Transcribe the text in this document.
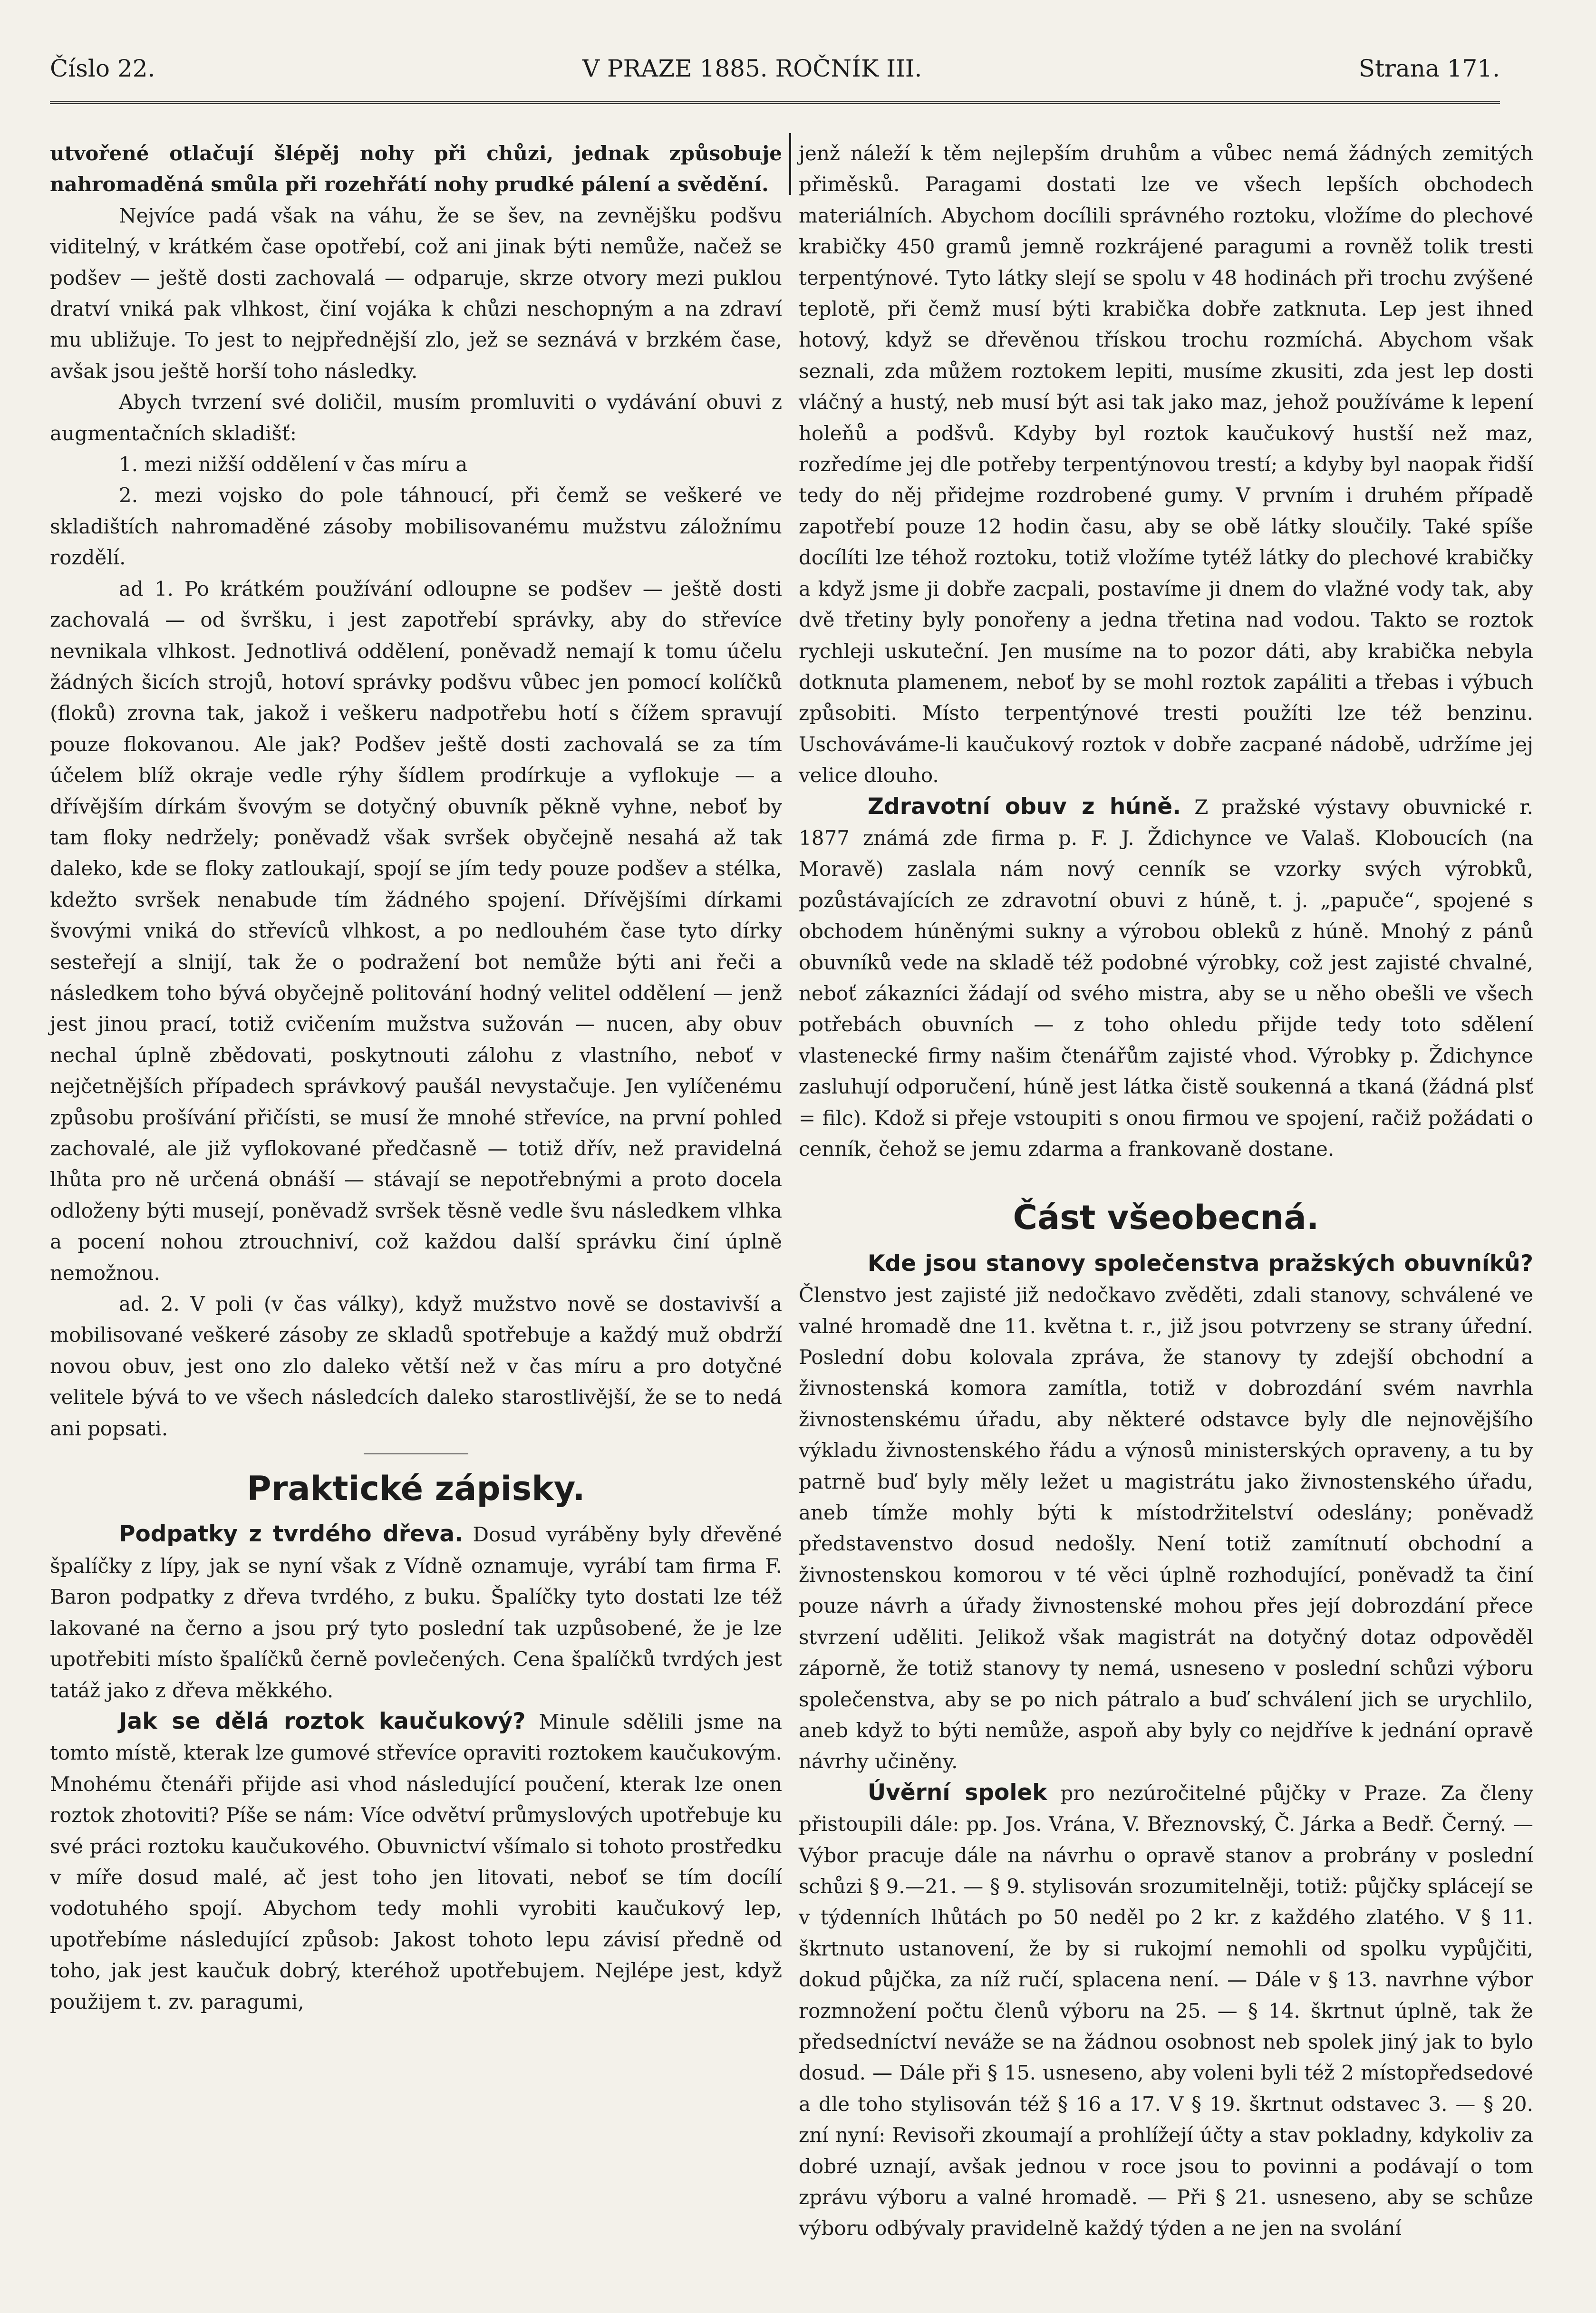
Číslo 22.	V PRAZE 1885. ROČNÍK III.	Strana 171.

utvořené otlačují šlépěj nohy při chůzi, jednak způsobuje nahromaděná smůla při rozehřátí nohy prudké pálení a svědění.

Nejvíce padá však na váhu, že se šev, na zevnějšku podšvu viditelný, v krátkém čase opotřebí, což ani jinak býti nemůže, načež se podšev — ještě dosti zachovalá — odparuje, skrze otvory mezi puklou dratví vniká pak vlhkost, činí vojáka k chůzi neschopným a na zdraví mu ubližuje. To jest to nejpřednější zlo, jež se seznává v brzkém čase, avšak jsou ještě horší toho následky.

Abych tvrzení své doličil, musím promluviti o vydávání obuvi z augmentačních skladišť:

1. mezi nižší oddělení v čas míru a

2. mezi vojsko do pole táhnoucí, při čemž se veškeré ve skladištích nahromaděné zásoby mobilisovanému mužstvu záložnímu rozdělí.

ad 1. Po krátkém používání odloupne se podšev — ještě dosti zachovalá — od švršku, i jest zapotřebí správky, aby do střevíce nevnikala vlhkost. Jednotlivá oddělení, poněvadž nemají k tomu účelu žádných šicích strojů, hotoví správky podšvu vůbec jen pomocí kolíčků (floků) zrovna tak, jakož i veškeru nadpotřebu hotí s čížem spravují pouze flokovanou. Ale jak? Podšev ještě dosti zachovalá se za tím účelem blíž okraje vedle rýhy šídlem prodírkuje a vyflokuje — a dřívějším dírkám švovým se dotyčný obuvník pěkně vyhne, neboť by tam floky nedržely; poněvadž však svršek obyčejně nesahá až tak daleko, kde se floky zatloukají, spojí se jím tedy pouze podšev a stélka, kdežto svršek nenabude tím žádného spojení. Dřívějšími dírkami švovými vniká do střevíců vlhkost, a po nedlouhém čase tyto dírky sesteřejí a slnijí, tak že o podražení bot nemůže býti ani řeči a následkem toho bývá obyčejně politování hodný velitel oddělení — jenž jest jinou prací, totiž cvičením mužstva sužován — nucen, aby obuv nechal úplně zbědovati, poskytnouti zálohu z vlastního, neboť v nejčetnějších případech správkový paušál nevystačuje. Jen vylíčenému způsobu prošívání přičísti, se musí že mnohé střevíce, na první pohled zachovalé, ale již vyflokované předčasně — totiž dřív, než pravidelná lhůta pro ně určená obnáší — stávají se nepotřebnými a proto docela odloženy býti musejí, poněvadž svršek těsně vedle švu následkem vlhka a pocení nohou ztrouchniví, což každou další správku činí úplně nemožnou.

ad. 2. V poli (v čas války), když mužstvo nově se dostavivší a mobilisované veškeré zásoby ze skladů spotřebuje a každý muž obdrží novou obuv, jest ono zlo daleko větší než v čas míru a pro dotyčné velitele bývá to ve všech následcích daleko starostlivější, že se to nedá ani popsati.

Praktické zápisky.

Podpatky z tvrdého dřeva. Dosud vyráběny byly dřevěné špalíčky z lípy, jak se nyní však z Vídně oznamuje, vyrábí tam firma F. Baron podpatky z dřeva tvrdého, z buku. Špalíčky tyto dostati lze též lakované na černo a jsou prý tyto poslední tak uzpůsobené, že je lze upotřebiti místo špalíčků černě povlečených. Cena špalíčků tvrdých jest tatáž jako z dřeva měkkého.

Jak se dělá roztok kaučukový? Minule sdělili jsme na tomto místě, kterak lze gumové střevíce opraviti roztokem kaučukovým. Mnohému čtenáři přijde asi vhod následující poučení, kterak lze onen roztok zhotoviti? Píše se nám: Více odvětví průmyslových upotřebuje ku své práci roztoku kaučukového. Obuvnictví všímalo si tohoto prostředku v míře dosud malé, ač jest toho jen litovati, neboť se tím docílí vodotuhého spojí. Abychom tedy mohli vyrobiti kaučukový lep, upotřebíme následující způsob: Jakost tohoto lepu závisí předně od toho, jak jest kaučuk dobrý, kteréhož upotřebujem. Nejlépe jest, když použijem t. zv. paragumi,

jenž náleží k těm nejlepším druhům a vůbec nemá žádných zemitých přiměsků. Paragami dostati lze ve všech lepších obchodech materiálních. Abychom docílili správného roztoku, vložíme do plechové krabičky 450 gramů jemně rozkrájené paragumi a rovněž tolik tresti terpentýnové. Tyto látky slejí se spolu v 48 hodinách při trochu zvýšené teplotě, při čemž musí býti krabička dobře zatknuta. Lep jest ihned hotový, když se dřevěnou třískou trochu rozmíchá. Abychom však seznali, zda můžem roztokem lepiti, musíme zkusiti, zda jest lep dosti vláčný a hustý, neb musí být asi tak jako maz, jehož používáme k lepení holeňů a podšvů. Kdyby byl roztok kaučukový hustší než maz, rozředíme jej dle potřeby terpentýnovou trestí; a kdyby byl naopak řidší tedy do něj přidejme rozdrobené gumy. V prvním i druhém případě zapotřebí pouze 12 hodin času, aby se obě látky sloučily. Také spíše docílíti lze téhož roztoku, totiž vložíme tytéž látky do plechové krabičky a když jsme ji dobře zacpali, postavíme ji dnem do vlažné vody tak, aby dvě třetiny byly ponořeny a jedna třetina nad vodou. Takto se roztok rychleji uskuteční. Jen musíme na to pozor dáti, aby krabička nebyla dotknuta plamenem, neboť by se mohl roztok zapáliti a třebas i výbuch způsobiti. Místo terpentýnové tresti použíti lze též benzinu. Uschováváme-li kaučukový roztok v dobře zacpané nádobě, udržíme jej velice dlouho.

Zdravotní obuv z húně. Z pražské výstavy obuvnické r. 1877 známá zde firma p. F. J. Ždichynce ve Valaš. Kloboucích (na Moravě) zaslala nám nový cenník se vzorky svých výrobků, pozůstávajících ze zdravotní obuvi z húně, t. j. „papuče“, spojené s obchodem húněnými sukny a výrobou obleků z húně. Mnohý z pánů obuvníků vede na skladě též podobné výrobky, což jest zajisté chvalné, neboť zákazníci žádají od svého mistra, aby se u něho obešli ve všech potřebách obuvních — z toho ohledu přijde tedy toto sdělení vlastenecké firmy našim čtenářům zajisté vhod. Výrobky p. Ždichynce zasluhují odporučení, húně jest látka čistě soukenná a tkaná (žádná plsť = filc). Kdož si přeje vstoupiti s onou firmou ve spojení, račiž požádati o cenník, čehož se jemu zdarma a frankovaně dostane.

Část všeobecná.

Kde jsou stanovy společenstva pražských obuvníků? Členstvo jest zajisté již nedočkavo zvěděti, zdali stanovy, schválené ve valné hromadě dne 11. května t. r., již jsou potvrzeny se strany úřední. Poslední dobu kolovala zpráva, že stanovy ty zdejší obchodní a živnostenská komora zamítla, totiž v dobrozdání svém navrhla živnostenskému úřadu, aby některé odstavce byly dle nejnovějšího výkladu živnostenského řádu a výnosů ministerských opraveny, a tu by patrně buď byly měly ležet u magistrátu jako živnostenského úřadu, aneb tímže mohly býti k místodržitelství odeslány; poněvadž představenstvo dosud nedošly. Není totiž zamítnutí obchodní a živnostenskou komorou v té věci úplně rozhodující, poněvadž ta činí pouze návrh a úřady živnostenské mohou přes její dobrozdání přece stvrzení uděliti. Jelikož však magistrát na dotyčný dotaz odpověděl záporně, že totiž stanovy ty nemá, usneseno v poslední schůzi výboru společenstva, aby se po nich pátralo a buď schválení jich se urychlilo, aneb když to býti nemůže, aspoň aby byly co nejdříve k jednání opravě návrhy učiněny.

Úvěrní spolek pro nezúročitelné půjčky v Praze. Za členy přistoupili dále: pp. Jos. Vrána, V. Březnovský, Č. Járka a Bedř. Černý. — Výbor pracuje dále na návrhu o opravě stanov a probrány v poslední schůzi § 9.—21. — § 9. stylisován srozumitelněji, totiž: půjčky splácejí se v týdenních lhůtách po 50 neděl po 2 kr. z každého zlatého. V § 11. škrtnuto ustanovení, že by si rukojmí nemohli od spolku vypůjčiti, dokud půjčka, za níž ručí, splacena není. — Dále v § 13. navrhne výbor rozmnožení počtu členů výboru na 25. — § 14. škrtnut úplně, tak že předsedníctví neváže se na žádnou osobnost neb spolek jiný jak to bylo dosud. — Dále při § 15. usneseno, aby voleni byli též 2 místopředsedové a dle toho stylisován též § 16 a 17. V § 19. škrtnut odstavec 3. — § 20. zní nyní: Revisoři zkoumají a prohlížejí účty a stav pokladny, kdykoliv za dobré uznají, avšak jednou v roce jsou to povinni a podávají o tom zprávu výboru a valné hromadě. — Při § 21. usneseno, aby se schůze výboru odbývaly pravidelně každý týden a ne jen na svolání
